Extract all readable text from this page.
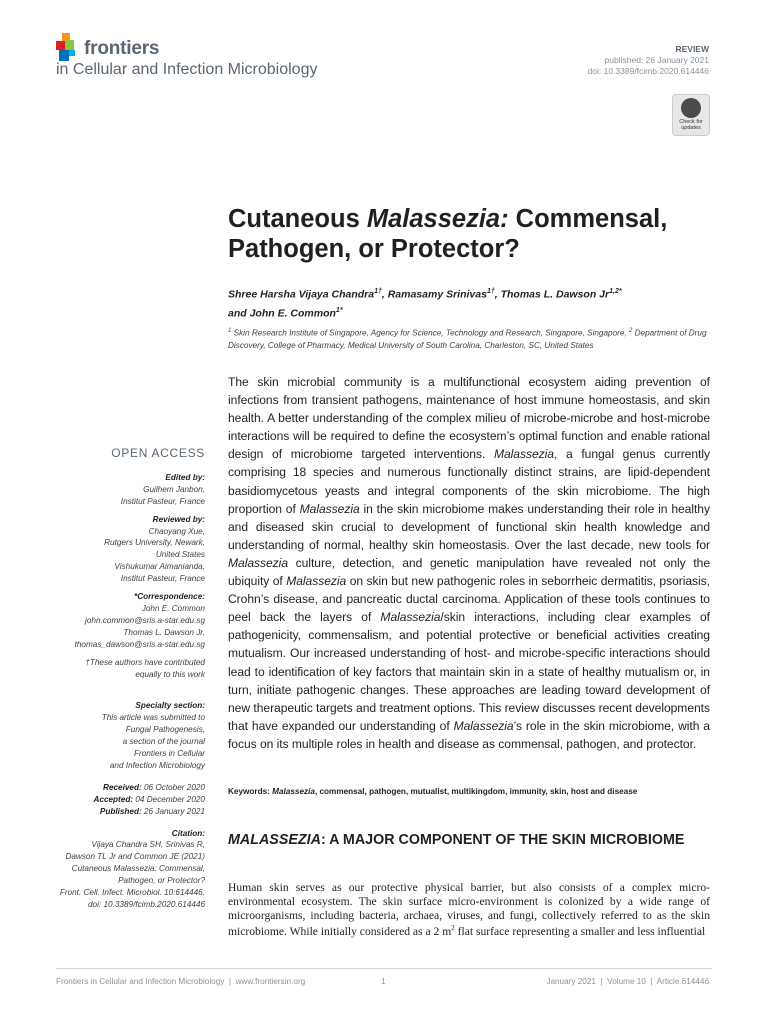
frontiers
in Cellular and Infection Microbiology
REVIEW
published: 26 January 2021
doi: 10.3389/fcimb.2020.614446
Check for updates
Cutaneous Malassezia: Commensal, Pathogen, or Protector?
Shree Harsha Vijaya Chandra$^{1\dagger}$, Ramasamy Srinivas$^{1\dagger}$, Thomas L. Dawson $Jr^{1,2*}$
and John E. Common$^{1*}$
$^1$ Skin Research Institute of Singapore, Agency for Science, Technology and Research, Singapore, Singapore, $^2$ Department of Drug Discovery, College of Pharmacy, Medical University of South Carolina, Charleston, SC, United States
The skin microbial community is a multifunctional ecosystem aiding prevention of infections from transient pathogens, maintenance of host immune homeostasis, and skin health. A better understanding of the complex milieu of microbe-microbe and host-microbe interactions will be required to define the ecosystem’s optimal function and enable rational design of microbiome targeted interventions. Malassezia, a fungal genus currently comprising 18 species and numerous functionally distinct strains, are lipid-dependent basidiomycetous yeasts and integral components of the skin microbiome. The high proportion of Malassezia in the skin microbiome makes understanding their role in healthy and diseased skin crucial to development of functional skin health knowledge and understanding of normal, healthy skin homeostasis. Over the last decade, new tools for Malassezia culture, detection, and genetic manipulation have revealed not only the ubiquity of Malassezia on skin but new pathogenic roles in seborrheic dermatitis, psoriasis, Crohn’s disease, and pancreatic ductal carcinoma. Application of these tools continues to peel back the layers of Malassezia/skin interactions, including clear examples of pathogenicity, commensalism, and potential protective or beneficial activities creating mutualism. Our increased understanding of host- and microbe-specific interactions should lead to identification of key factors that maintain skin in a state of healthy mutualism or, in turn, initiate pathogenic changes. These approaches are leading toward development of new therapeutic targets and treatment options. This review discusses recent developments that have expanded our understanding of Malassezia’s role in the skin microbiome, with a focus on its multiple roles in health and disease as commensal, pathogen, and protector.
Keywords: Malassezia, commensal, pathogen, mutualist, multikingdom, immunity, skin, host and disease
OPEN ACCESS
Edited by:
Guilhem Janbon,
Institut Pasteur, France
Reviewed by:
Chaoyang Xue,
Rutgers University, Newark,
United States
Vishukumar Aimanianda,
Institut Pasteur, France
*Correspondence:
John E. Common
john.common@sris.a-star.edu.sg
Thomas L. Dawson Jr.
thomas_dawson@sris.a-star.edu.sg
†These authors have contributed
equally to this work
Specialty section:
This article was submitted to
Fungal Pathogenesis,
a section of the journal
Frontiers in Cellular
and Infection Microbiology
Received: 06 October 2020
Accepted: 04 December 2020
Published: 26 January 2021
Citation:
Vijaya Chandra SH, Srinivas R,
Dawson TL Jr and Common JE (2021)
Cutaneous Malassezia: Commensal,
Pathogen, or Protector?
Front. Cell. Infect. Microbiol. 10:614446.
doi: 10.3389/fcimb.2020.614446
MALASSEZIA: A MAJOR COMPONENT OF THE SKIN MICROBIOME
Human skin serves as our protective physical barrier, but also consists of a complex micro-environmental ecosystem. The skin surface micro-environment is colonized by a wide range of microorganisms, including bacteria, archaea, viruses, and fungi, collectively referred to as the skin microbiome. While initially considered as a 2 $m^2$ flat surface representing a smaller and less influential
Frontiers in Cellular and Infection Microbiology  |  www.frontiersin.org	1	January 2021  |  Volume 10  |  Article 614446
